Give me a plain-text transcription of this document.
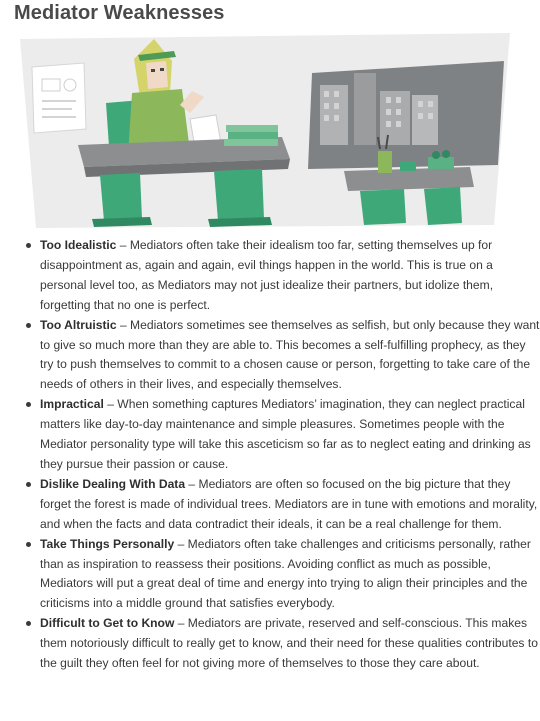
Mediator Weaknesses
Too Idealistic – Mediators often take their idealism too far, setting themselves up for disappointment as, again and again, evil things happen in the world. This is true on a personal level too, as Mediators may not just idealize their partners, but idolize them, forgetting that no one is perfect.
Too Altruistic – Mediators sometimes see themselves as selfish, but only because they want to give so much more than they are able to. This becomes a self-fulfilling prophecy, as they try to push themselves to commit to a chosen cause or person, forgetting to take care of the needs of others in their lives, and especially themselves.
Impractical – When something captures Mediators’ imagination, they can neglect practical matters like day-to-day maintenance and simple pleasures. Sometimes people with the Mediator personality type will take this asceticism so far as to neglect eating and drinking as they pursue their passion or cause.
Dislike Dealing With Data – Mediators are often so focused on the big picture that they forget the forest is made of individual trees. Mediators are in tune with emotions and morality, and when the facts and data contradict their ideals, it can be a real challenge for them.
Take Things Personally – Mediators often take challenges and criticisms personally, rather than as inspiration to reassess their positions. Avoiding conflict as much as possible, Mediators will put a great deal of time and energy into trying to align their principles and the criticisms into a middle ground that satisfies everybody.
Difficult to Get to Know – Mediators are private, reserved and self-conscious. This makes them notoriously difficult to really get to know, and their need for these qualities contributes to the guilt they often feel for not giving more of themselves to those they care about.
